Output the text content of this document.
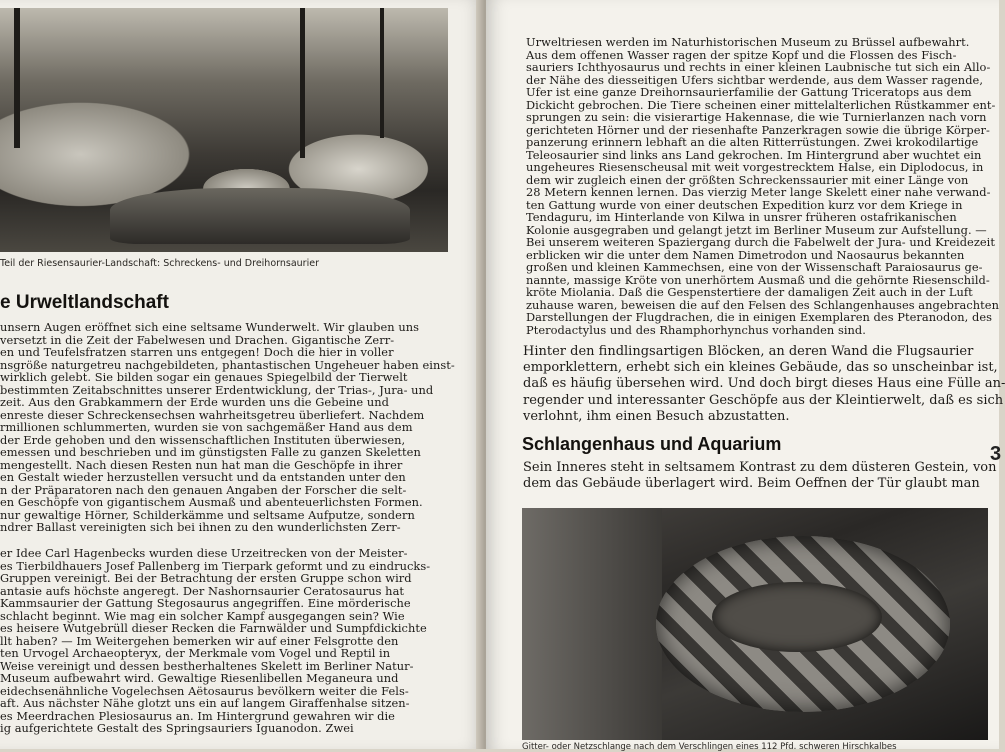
Teil der Riesensaurier-Landschaft: Schreckens- und Dreihornsaurier
e Urweltlandschaft
unsern Augen eröffnet sich eine seltsame Wunderwelt. Wir glauben uns
versetzt in die Zeit der Fabelwesen und Drachen. Gigantische Zerr-
en und Teufelsfratzen starren uns entgegen! Doch die hier in voller
nsgröße naturgetreu nachgebildeten, phantastischen Ungeheuer haben einst-
wirklich gelebt. Sie bilden sogar ein genaues Spiegelbild der Tierwelt
bestimmten Zeitabschnittes unserer Erdentwicklung, der Trias-, Jura- und
zeit. Aus den Grabkammern der Erde wurden uns die Gebeine und
enreste dieser Schreckensechsen wahrheitsgetreu überliefert. Nachdem
rmillionen schlummerten, wurden sie von sachgemäßer Hand aus dem
der Erde gehoben und den wissenschaftlichen Instituten überwiesen,
emessen und beschrieben und im günstigsten Falle zu ganzen Skeletten
mengestellt. Nach diesen Resten nun hat man die Geschöpfe in ihrer
en Gestalt wieder herzustellen versucht und da entstanden unter den
n der Präparatoren nach den genauen Angaben der Forscher die selt-
en Geschöpfe von gigantischem Ausmaß und abenteuerlichsten Formen.
nur gewaltige Hörner, Schilderkämme und seltsame Aufputze, sondern
ndrer Ballast vereinigten sich bei ihnen zu den wunderlichsten Zerr-
er Idee Carl Hagenbecks wurden diese Urzeitrecken von der Meister-
es Tierbildhauers Josef Pallenberg im Tierpark geformt und zu eindrucks-
Gruppen vereinigt. Bei der Betrachtung der ersten Gruppe schon wird
antasie aufs höchste angeregt. Der Nashornsaurier Ceratosaurus hat
Kammsaurier der Gattung Stegosaurus angegriffen. Eine mörderische
schlacht beginnt. Wie mag ein solcher Kampf ausgegangen sein? Wie
es heisere Wutgebrüll dieser Recken die Farnwälder und Sumpfdickichte
llt haben? — Im Weitergehen bemerken wir auf einer Felsgrotte den
ten Urvogel Archaeopteryx, der Merkmale vom Vogel und Reptil in
Weise vereinigt und dessen bestherhaltenes Skelett im Berliner Natur-
Museum aufbewahrt wird. Gewaltige Riesenlibellen Meganeura und
eidechsenähnliche Vogelechsen Aëtosaurus bevölkern weiter die Fels-
aft. Aus nächster Nähe glotzt uns ein auf langem Giraffenhalse sitzen-
es Meerdrachen Plesiosaurus an. Im Hintergrund gewahren wir die
ig aufgerichtete Gestalt des Springsauriers Iguanodon. Zwei
Urweltriesen werden im Naturhistorischen Museum zu Brüssel aufbewahrt.
Aus dem offenen Wasser ragen der spitze Kopf und die Flossen des Fisch-
sauriers Ichthyosaurus und rechts in einer kleinen Laubnische tut sich ein Allo-
der Nähe des diesseitigen Ufers sichtbar werdende, aus dem Wasser ragende,
Ufer ist eine ganze Dreihornsaurierfamilie der Gattung Triceratops aus dem
Dickicht gebrochen. Die Tiere scheinen einer mittelalterlichen Rüstkammer ent-
sprungen zu sein: die visierartige Hakennase, die wie Turnierlanzen nach vorn
gerichteten Hörner und der riesenhafte Panzerkragen sowie die übrige Körper-
panzerung erinnern lebhaft an die alten Ritterrüstungen. Zwei krokodilartige
Teleosaurier sind links ans Land gekrochen. Im Hintergrund aber wuchtet ein
ungeheures Riesenscheusal mit weit vorgestrecktem Halse, ein Diplodocus, in
dem wir zugleich einen der größten Schreckenssaurier mit einer Länge von
28 Metern kennen lernen. Das vierzig Meter lange Skelett einer nahe verwand-
ten Gattung wurde von einer deutschen Expedition kurz vor dem Kriege in
Tendaguru, im Hinterlande von Kilwa in unsrer früheren ostafrikanischen
Kolonie ausgegraben und gelangt jetzt im Berliner Museum zur Aufstellung. —
Bei unserem weiteren Spaziergang durch die Fabelwelt der Jura- und Kreidezeit
erblicken wir die unter dem Namen Dimetrodon und Naosaurus bekannten
großen und kleinen Kammechsen, eine von der Wissenschaft Paraiosaurus ge-
nannte, massige Kröte von unerhörtem Ausmaß und die gehörnte Riesenschild-
kröte Miolania. Daß die Gespenstertiere der damaligen Zeit auch in der Luft
zuhause waren, beweisen die auf den Felsen des Schlangenhauses angebrachten
Darstellungen der Flugdrachen, die in einigen Exemplaren des Pteranodon, des
Pterodactylus und des Rhamphorhynchus vorhanden sind.
Hinter den findlingsartigen Blöcken, an deren Wand die Flugsaurier
emporklettern, erhebt sich ein kleines Gebäude, das so unscheinbar ist,
daß es häufig übersehen wird. Und doch birgt dieses Haus eine Fülle an-
regender und interessanter Geschöpfe aus der Kleintierwelt, daß es sich
verlohnt, ihm einen Besuch abzustatten.
Schlangenhaus und Aquarium
Sein Inneres steht in seltsamem Kontrast zu dem düsteren Gestein, von
dem das Gebäude überlagert wird. Beim Oeffnen der Tür glaubt man
3
Gitter- oder Netzschlange nach dem Verschlingen eines 112 Pfd. schweren Hirschkalbes
